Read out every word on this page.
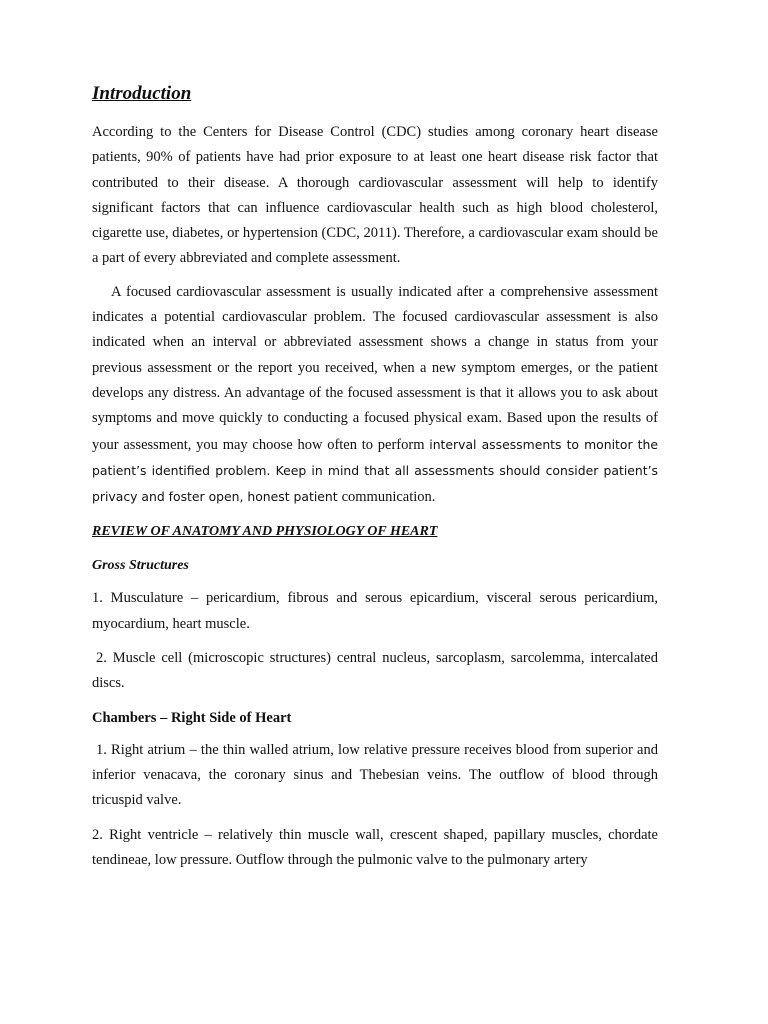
Introduction

According to the Centers for Disease Control (CDC) studies among coronary heart disease patients, 90% of patients have had prior exposure to at least one heart disease risk factor that contributed to their disease. A thorough cardiovascular assessment will help to identify significant factors that can influence cardiovascular health such as high blood cholesterol, cigarette use, diabetes, or hypertension (CDC, 2011). Therefore, a cardiovascular exam should be a part of every abbreviated and complete assessment.

A focused cardiovascular assessment is usually indicated after a comprehensive assessment indicates a potential cardiovascular problem. The focused cardiovascular assessment is also indicated when an interval or abbreviated assessment shows a change in status from your previous assessment or the report you received, when a new symptom emerges, or the patient develops any distress. An advantage of the focused assessment is that it allows you to ask about symptoms and move quickly to conducting a focused physical exam. Based upon the results of your assessment, you may choose how often to perform interval assessments to monitor the patient’s identified problem. Keep in mind that all assessments should consider patient’s privacy and foster open, honest patient communication.

REVIEW OF ANATOMY AND PHYSIOLOGY OF HEART
Gross Structures

1. Musculature – pericardium, fibrous and serous epicardium, visceral serous pericardium, myocardium, heart muscle.

2. Muscle cell (microscopic structures) central nucleus, sarcoplasm, sarcolemma, intercalated discs.

Chambers – Right Side of Heart

1. Right atrium – the thin walled atrium, low relative pressure receives blood from superior and inferior venacava, the coronary sinus and Thebesian veins. The outflow of blood through tricuspid valve.

2. Right ventricle – relatively thin muscle wall, crescent shaped, papillary muscles, chordate tendineae, low pressure. Outflow through the pulmonic valve to the pulmonary artery
